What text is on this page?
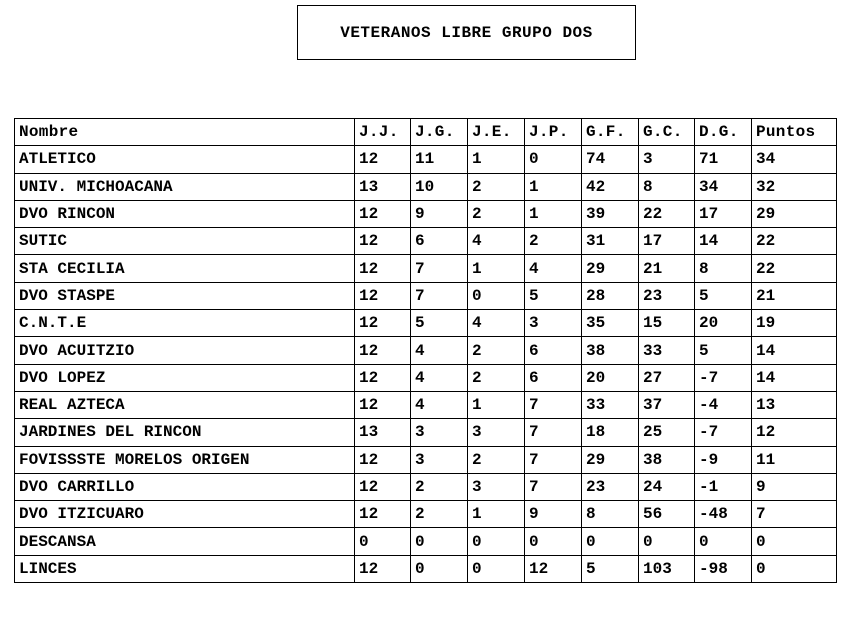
VETERANOS LIBRE GRUPO DOS
Nombre	J.J.	J.G.	J.E.	J.P.	G.F.	G.C.	D.G.	Puntos
ATLETICO	12	11	1	0	74	3	71	34
UNIV. MICHOACANA	13	10	2	1	42	8	34	32
DVO RINCON	12	9	2	1	39	22	17	29
SUTIC	12	6	4	2	31	17	14	22
STA CECILIA	12	7	1	4	29	21	8	22
DVO STASPE	12	7	0	5	28	23	5	21
C.N.T.E	12	5	4	3	35	15	20	19
DVO ACUITZIO	12	4	2	6	38	33	5	14
DVO LOPEZ	12	4	2	6	20	27	-7	14
REAL AZTECA	12	4	1	7	33	37	-4	13
JARDINES DEL RINCON	13	3	3	7	18	25	-7	12
FOVISSSTE MORELOS ORIGEN	12	3	2	7	29	38	-9	11
DVO CARRILLO	12	2	3	7	23	24	-1	9
DVO ITZICUARO	12	2	1	9	8	56	-48	7
DESCANSA	0	0	0	0	0	0	0	0
LINCES	12	0	0	12	5	103	-98	0
